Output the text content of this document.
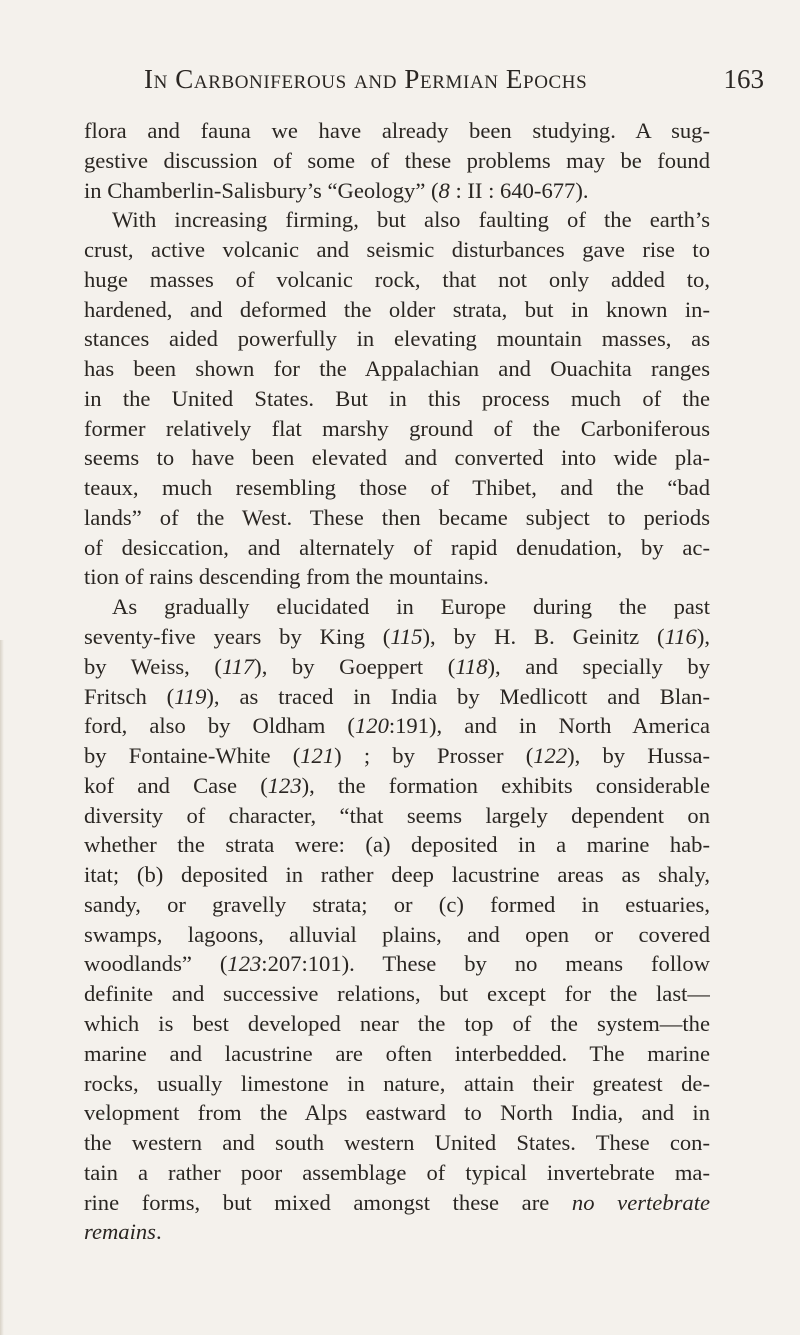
In Carboniferous and Permian Epochs	163
flora and fauna we have already been studying. A sug-
gestive discussion of some of these problems may be found
in Chamberlin-Salisbury’s “Geology” (8 : II : 640-677).
With increasing firming, but also faulting of the earth’s
crust, active volcanic and seismic disturbances gave rise to
huge masses of volcanic rock, that not only added to,
hardened, and deformed the older strata, but in known in-
stances aided powerfully in elevating mountain masses, as
has been shown for the Appalachian and Ouachita ranges
in the United States. But in this process much of the
former relatively flat marshy ground of the Carboniferous
seems to have been elevated and converted into wide pla-
teaux, much resembling those of Thibet, and the “bad
lands” of the West. These then became subject to periods
of desiccation, and alternately of rapid denudation, by ac-
tion of rains descending from the mountains.
As gradually elucidated in Europe during the past
seventy-five years by King (115), by H. B. Geinitz (116),
by Weiss, (117), by Goeppert (118), and specially by
Fritsch (119), as traced in India by Medlicott and Blan-
ford, also by Oldham (120:191), and in North America
by Fontaine-White (121) ; by Prosser (122), by Hussa-
kof and Case (123), the formation exhibits considerable
diversity of character, “that seems largely dependent on
whether the strata were: (a) deposited in a marine hab-
itat; (b) deposited in rather deep lacustrine areas as shaly,
sandy, or gravelly strata; or (c) formed in estuaries,
swamps, lagoons, alluvial plains, and open or covered
woodlands” (123:207:101). These by no means follow
definite and successive relations, but except for the last—
which is best developed near the top of the system—the
marine and lacustrine are often interbedded. The marine
rocks, usually limestone in nature, attain their greatest de-
velopment from the Alps eastward to North India, and in
the western and south western United States. These con-
tain a rather poor assemblage of typical invertebrate ma-
rine forms, but mixed amongst these are no vertebrate
remains.
